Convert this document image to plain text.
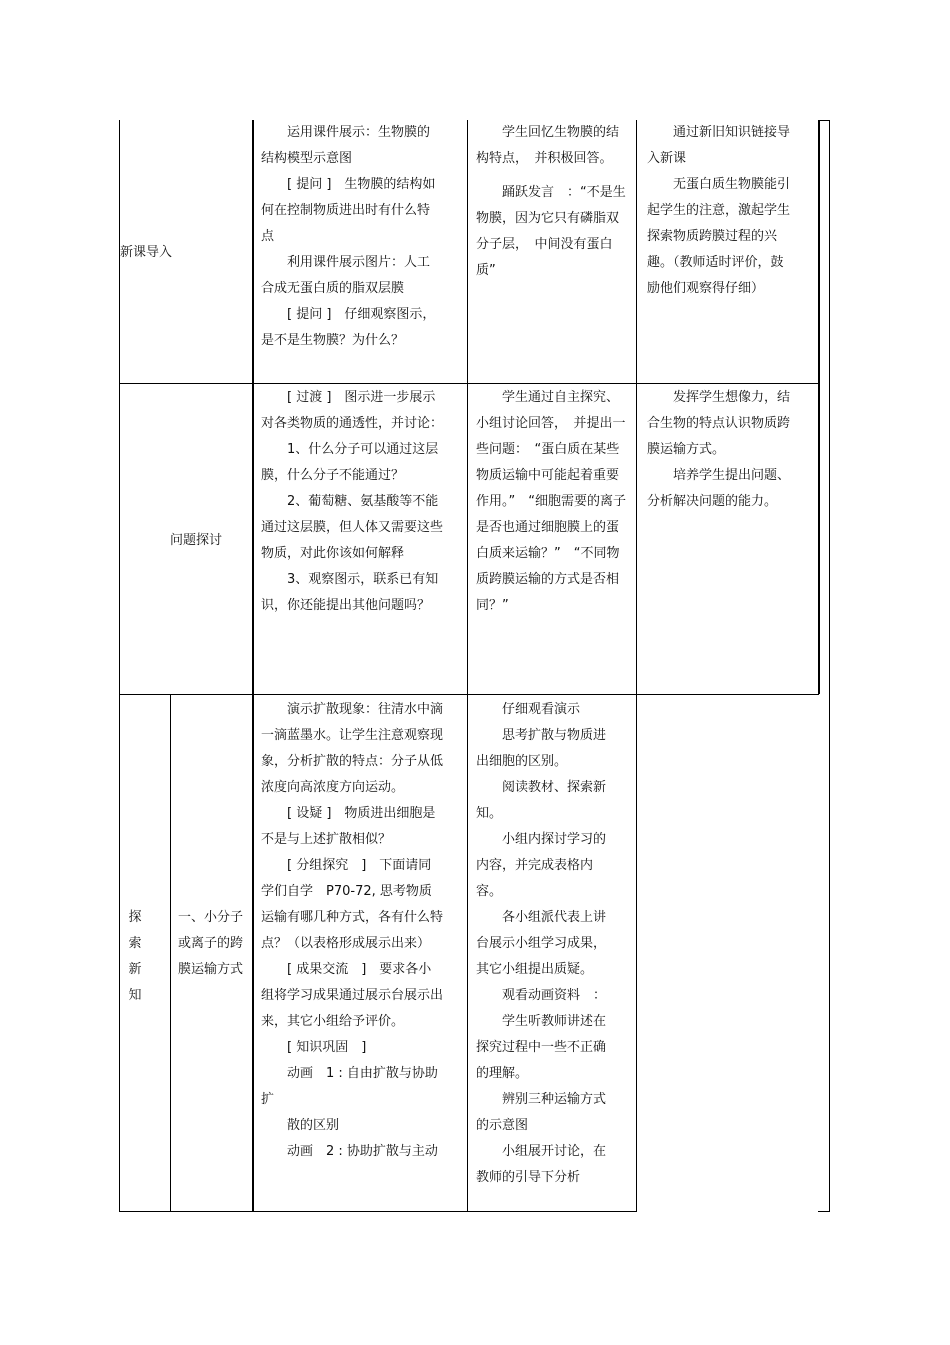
新课导入

运用课件展示：生物膜的结构模型示意图

[ 提问 ]　生物膜的结构如何在控制物质进出时有什么特点

利用课件展示图片：人工合成无蛋白质的脂双层膜

[ 提问 ]　仔细观察图示，是不是生物膜？为什么？

学生回忆生物膜的结构特点，　并积极回答。

踊跃发言　：“不是生物膜，因为它只有磷脂双分子层，　中间没有蛋白质”

通过新旧知识链接导入新课

无蛋白质生物膜能引起学生的注意，激起学生探索物质跨膜过程的兴趣。（教师适时评价，鼓励他们观察得仔细）

问题探讨

[ 过渡 ]　图示进一步展示对各类物质的通透性，并讨论：

1、什么分子可以通过这层膜，什么分子不能通过？

2、葡萄糖、氨基酸等不能通过这层膜，但人体又需要这些物质，对此你该如何解释

3、观察图示，联系已有知识，你还能提出其他问题吗？

学生通过自主探究、小组讨论回答，　并提出一些问题：　“蛋白质在某些物质运输中可能起着重要作用。”　“细胞需要的离子是否也通过细胞膜上的蛋白质来运输？”　“不同物质跨膜运输的方式是否相同？”

发挥学生想像力，结合生物的特点认识物质跨膜运输方式。

培养学生提出问题、分析解决问题的能力。

探
索
新
知

一、小分子或离子的跨膜运输方式

演示扩散现象：往清水中滴一滴蓝墨水。让学生注意观察现象，分析扩散的特点：分子从低浓度向高浓度方向运动。

[ 设疑 ]　物质进出细胞是不是与上述扩散相似？

[ 分组探究　]　下面请同学们自学　P70-72, 思考物质运输有哪几种方式，各有什么特点？（以表格形成展示出来）

[ 成果交流　]　要求各小组将学习成果通过展示台展示出来，其它小组给予评价。

[ 知识巩固　]

动画　1 : 自由扩散与协助扩

散的区别

动画　2 : 协助扩散与主动

仔细观看演示

思考扩散与物质进出细胞的区别。

阅读教材、探索新知。

小组内探讨学习的内容，并完成表格内容。

各小组派代表上讲台展示小组学习成果，其它小组提出质疑。

观看动画资料　：

学生听教师讲述在探究过程中一些不正确的理解。

辨别三种运输方式的示意图

小组展开讨论，在教师的引导下分析
